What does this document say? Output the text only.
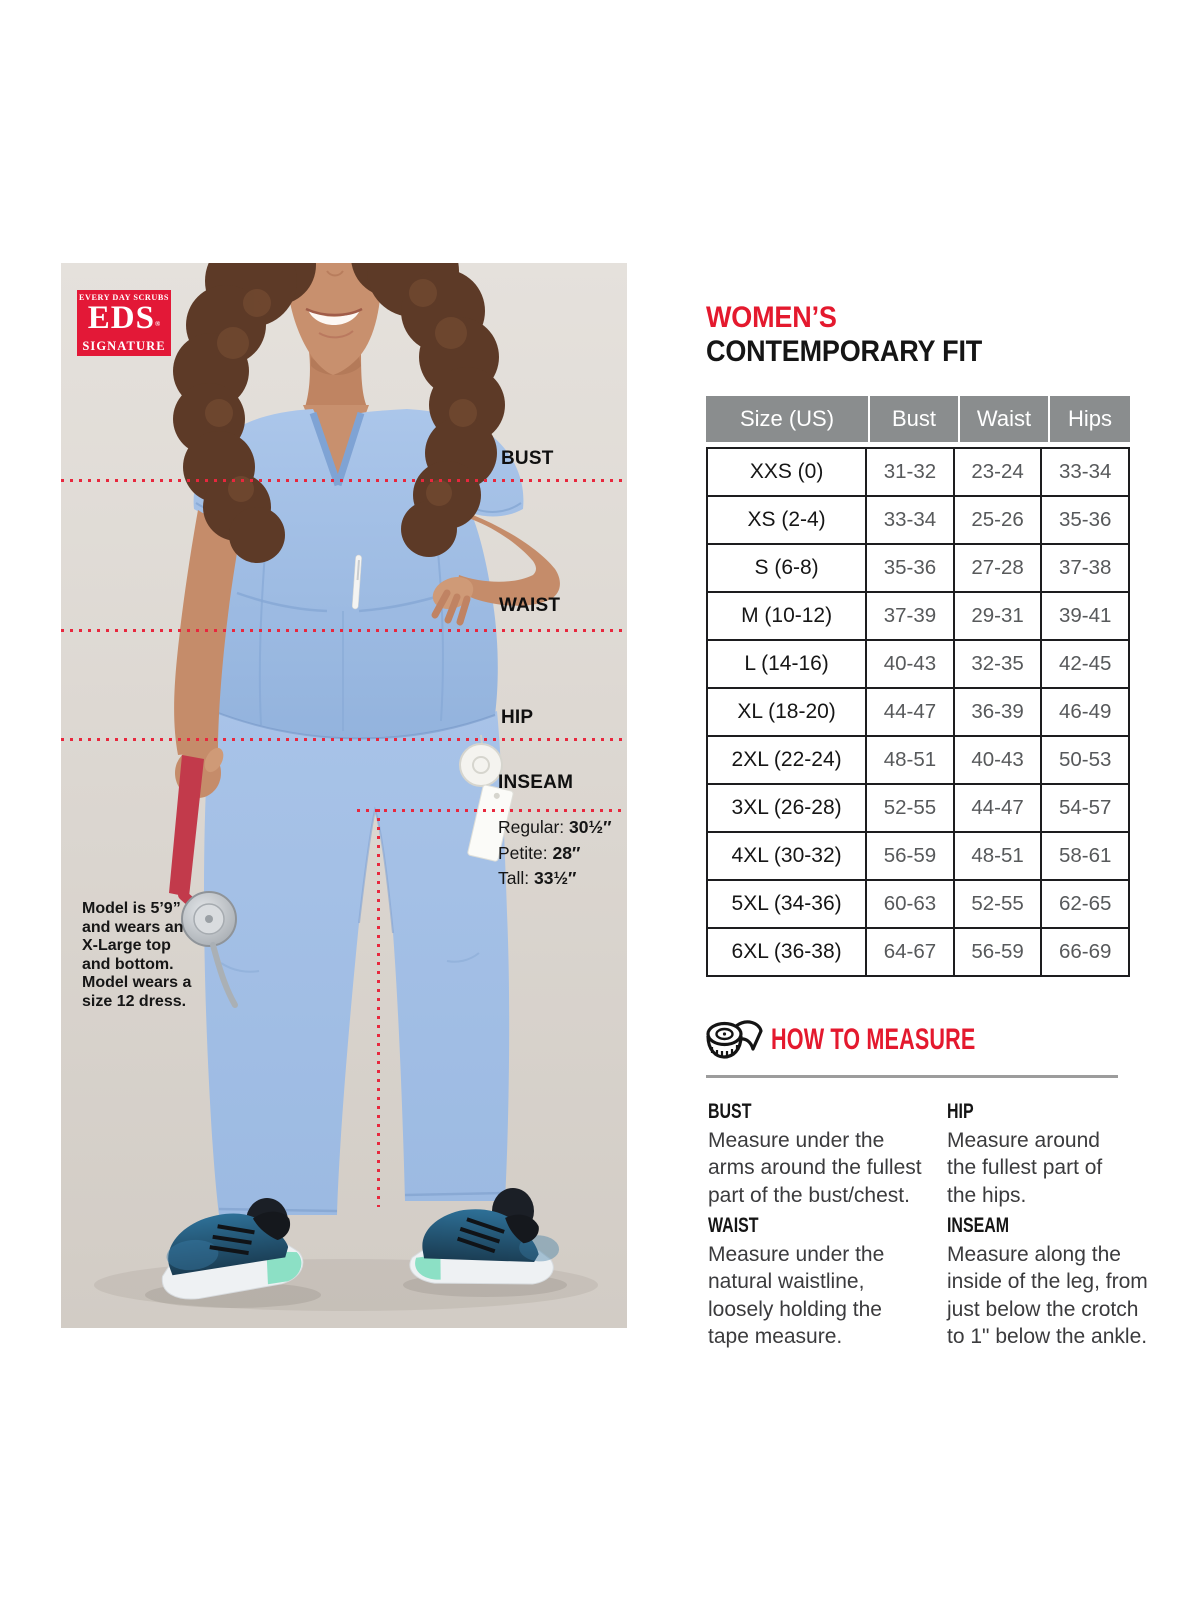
EVERY DAY SCRUBS
EDS®
SIGNATURE
BUST
WAIST
HIP
INSEAM
Regular: 30½″
Petite: 28″
Tall: 33½″
Model is 5’9”
and wears an
X-Large top
and bottom.
Model wears a
size 12 dress.
WOMEN’S
CONTEMPORARY FIT
Size (US)	Bust	Waist	Hips
XXS (0)	31-32	23-24	33-34
XS (2-4)	33-34	25-26	35-36
S (6-8)	35-36	27-28	37-38
M (10-12)	37-39	29-31	39-41
L (14-16)	40-43	32-35	42-45
XL (18-20)	44-47	36-39	46-49
2XL (22-24)	48-51	40-43	50-53
3XL (26-28)	52-55	44-47	54-57
4XL (30-32)	56-59	48-51	58-61
5XL (34-36)	60-63	52-55	62-65
6XL (36-38)	64-67	56-59	66-69
HOW TO MEASURE
BUST
Measure under the
arms around the fullest
part of the bust/chest.
HIP
Measure around
the fullest part of
the hips.
WAIST
Measure under the
natural waistline,
loosely holding the
tape measure.
INSEAM
Measure along the
inside of the leg, from
just below the crotch
to 1" below the ankle.
